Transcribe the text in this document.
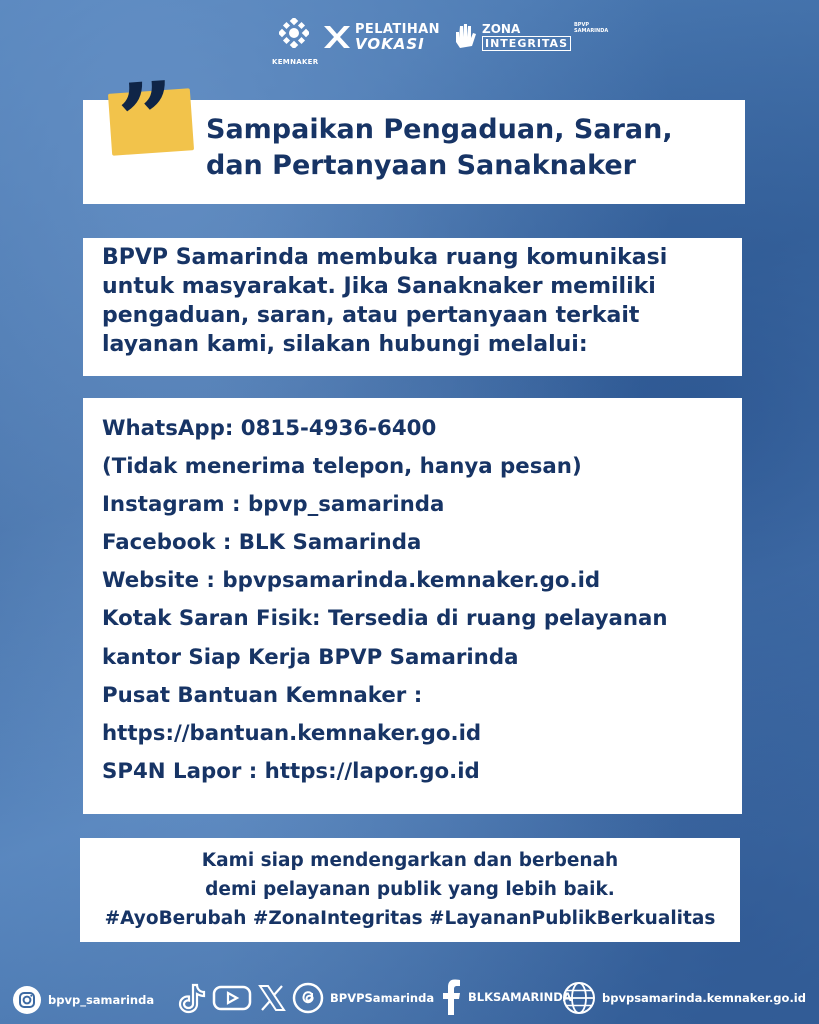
KEMNAKER
PELATIHAN
VOKASI
ZONA
INTEGRITAS
BPVP SAMARINDA
” Sampaikan Pengaduan, Saran,
dan Pertanyaan Sanaknaker
BPVP Samarinda membuka ruang komunikasi
untuk masyarakat. Jika Sanaknaker memiliki
pengaduan, saran, atau pertanyaan terkait
layanan kami, silakan hubungi melalui:
WhatsApp: 0815-4936-6400
(Tidak menerima telepon, hanya pesan)
Instagram : bpvp_samarinda
Facebook : BLK Samarinda
Website : bpvpsamarinda.kemnaker.go.id
Kotak Saran Fisik: Tersedia di ruang pelayanan
kantor Siap Kerja BPVP Samarinda
Pusat Bantuan Kemnaker :
https://bantuan.kemnaker.go.id
SP4N Lapor : https://lapor.go.id
Kami siap mendengarkan dan berbenah
demi pelayanan publik yang lebih baik.
#AyoBerubah #ZonaIntegritas #LayananPublikBerkualitas
bpvp_samarinda	BPVPSamarinda	BLKSAMARINDA	bpvpsamarinda.kemnaker.go.id
